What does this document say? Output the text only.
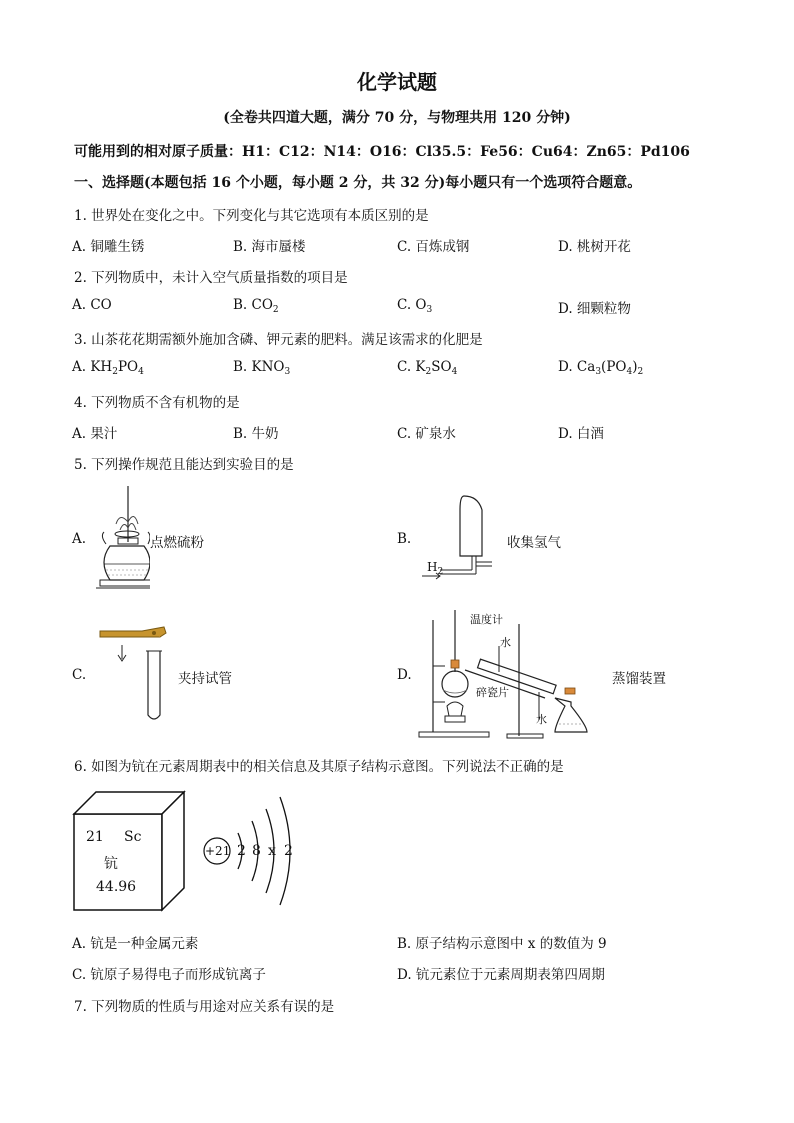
化学试题
(全卷共四道大题，满分 70 分，与物理共用 120 分钟)
可能用到的相对原子质量：H1：C12：N14：O16：Cl35.5：Fe56：Cu64：Zn65：Pd106
一、选择题(本题包括 16 个小题，每小题 2 分，共 32 分)每小题只有一个选项符合题意。
1. 世界处在变化之中。下列变化与其它选项有本质区别的是
A. 铜雕生锈	B. 海市蜃楼	C. 百炼成钢	D. 桃树开花
2. 下列物质中，未计入空气质量指数的项目是
A. CO	B. $CO_2$	C. $O_3$	D. 细颗粒物
3. 山茶花花期需额外施加含磷、钾元素的肥料。满足该需求的化肥是
A. $KH_2PO_4$	B. $KNO_3$	C. $K_2SO_4$	D. $Ca_3(PO_4)_2$
4. 下列物质不含有机物的是
A. 果汁	B. 牛奶	C. 矿泉水	D. 白酒
5. 下列操作规范且能达到实验目的是
A.	点燃硫粉	B.
$H_2$
收集氢气
C.	夹持试管	D.
温度计
水
水
碎瓷片
蒸馏装置
6. 如图为钪在元素周期表中的相关信息及其原子结构示意图。下列说法不正确的是
21 Sc
钪
44.96
+21 2 8 x 2
A. 钪是一种金属元素	B. 原子结构示意图中 x 的数值为 9
C. 钪原子易得电子而形成钪离子	D. 钪元素位于元素周期表第四周期
7. 下列物质的性质与用途对应关系有误的是
